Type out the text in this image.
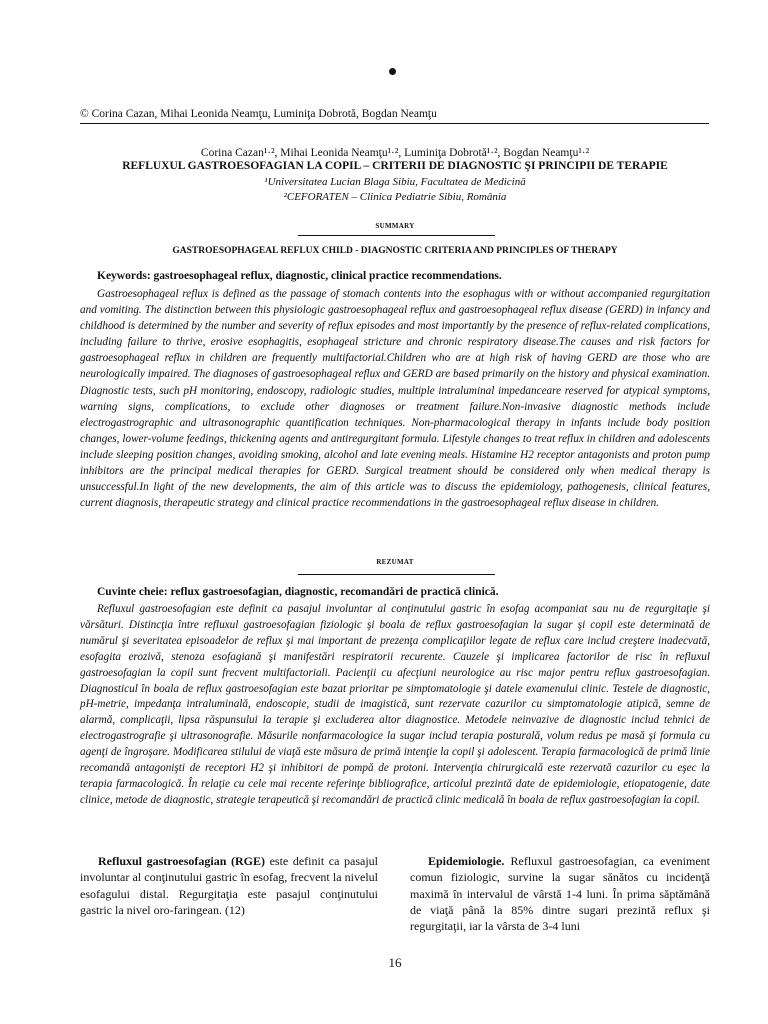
© Corina Cazan, Mihai Leonida Neamţu, Luminiţa Dobrotă, Bogdan Neamţu
Corina Cazan¹·², Mihai Leonida Neamţu¹·², Luminiţa Dobrotă¹·², Bogdan Neamţu¹·²
REFLUXUL GASTROESOFAGIAN LA COPIL – CRITERII DE DIAGNOSTIC ŞI PRINCIPII DE TERAPIE
¹Universitatea Lucian Blaga Sibiu, Facultatea de Medicină
²CEFORATEN – Clinica Pediatrie Sibiu, România
summary
GASTROESOPHAGEAL REFLUX CHILD - DIAGNOSTIC CRITERIA AND PRINCIPLES OF THERAPY
Keywords: gastroesophageal reflux, diagnostic, clinical practice recommendations.

Gastroesophageal reflux is defined as the passage of stomach contents into the esophagus with or without accompanied regurgitation and vomiting. The distinction between this physiologic gastroesophageal reflux and gastroesophageal reflux disease (GERD) in infancy and childhood is determined by the number and severity of reflux episodes and most importantly by the presence of reflux-related complications, including failure to thrive, erosive esophagitis, esophageal stricture and chronic respiratory disease.The causes and risk factors for gastroesophageal reflux in children are frequently multifactorial.Children who are at high risk of having GERD are those who are neurologically impaired. The diagnoses of gastroesophageal reflux and GERD are based primarily on the history and physical examination. Diagnostic tests, such pH monitoring, endoscopy, radiologic studies, multiple intraluminal impedanceare reserved for atypical symptoms, warning signs, complications, to exclude other diagnoses or treatment failure.Non-invasive diagnostic methods include electrogastrographic and ultrasonographic quantification techniques. Non-pharmacological therapy in infants include body position changes, lower-volume feedings, thickening agents and antiregurgitant formula. Lifestyle changes to treat reflux in children and adolescents include sleeping position changes, avoiding smoking, alcohol and late evening meals. Histamine H2 receptor antagonists and proton pump inhibitors are the principal medical therapies for GERD. Surgical treatment should be considered only when medical therapy is unsuccessful.In light of the new developments, the aim of this article was to discuss the epidemiology, pathogenesis, clinical features, current diagnosis, therapeutic strategy and clinical practice recommendations in the gastroesophageal reflux disease in children.

rezumat
Cuvinte cheie: reflux gastroesofagian, diagnostic, recomandări de practică clinică.

Refluxul gastroesofagian este definit ca pasajul involuntar al conţinutului gastric în esofag acompaniat sau nu de regurgitaţie şi vărsături. Distincţia între refluxul gastroesofagian fiziologic şi boala de reflux gastroesofagian la sugar şi copil este determinată de numărul şi severitatea episoadelor de reflux şi mai important de prezenţa complicaţiilor legate de reflux care includ creştere inadecvată, esofagita erozivă, stenoza esofagiană şi manifestări respiratorii recurente. Cauzele şi implicarea factorilor de risc în refluxul gastroesofagian la copil sunt frecvent multifactoriali. Pacienţii cu afecţiuni neurologice au risc major pentru reflux gastroesofagian. Diagnosticul în boala de reflux gastroesofagian este bazat prioritar pe simptomatologie şi datele examenului clinic. Testele de diagnostic, pH-metrie, impedanţa intraluminală, endoscopie, studii de imagistică, sunt rezervate cazurilor cu simptomatologie atipică, semne de alarmă, complicaţii, lipsa răspunsului la terapie şi excluderea altor diagnostice. Metodele neinvazive de diagnostic includ tehnici de electrogastrografie şi ultrasonografie. Măsurile nonfarmacologice la sugar includ terapia posturală, volum redus pe masă şi formula cu agenţi de îngroşare. Modificarea stilului de viaţă este măsura de primă intenţie la copil şi adolescent. Terapia farmacologică de primă linie recomandă antagonişti de receptori H2 şi inhibitori de pompă de protoni. Intervenţia chirurgicală este rezervată cazurilor cu eşec la terapia farmacologică. În relaţie cu cele mai recente referinţe bibliografice, articolul prezintă date de epidemiologie, etiopatogenie, date clinice, metode de diagnostic, strategie terapeutică şi recomandări de practică clinic medicală în boala de reflux gastroesofagian la copil.

Refluxul gastroesofagian (RGE) este definit ca pasajul involuntar al conţinutului gastric în esofag, frecvent la nivelul esofagului distal. Regurgitaţia este pasajul conţinutului gastric la nivel oro-faringean. (12)

Epidemiologie. Refluxul gastroesofagian, ca eveniment comun fiziologic, survine la sugar sănătos cu incidenţă maximă în intervalul de vârstă 1-4 luni. În prima săptămână de viaţă până la 85% dintre sugari prezintă reflux şi regurgitaţii, iar la vârsta de 3-4 luni

16
